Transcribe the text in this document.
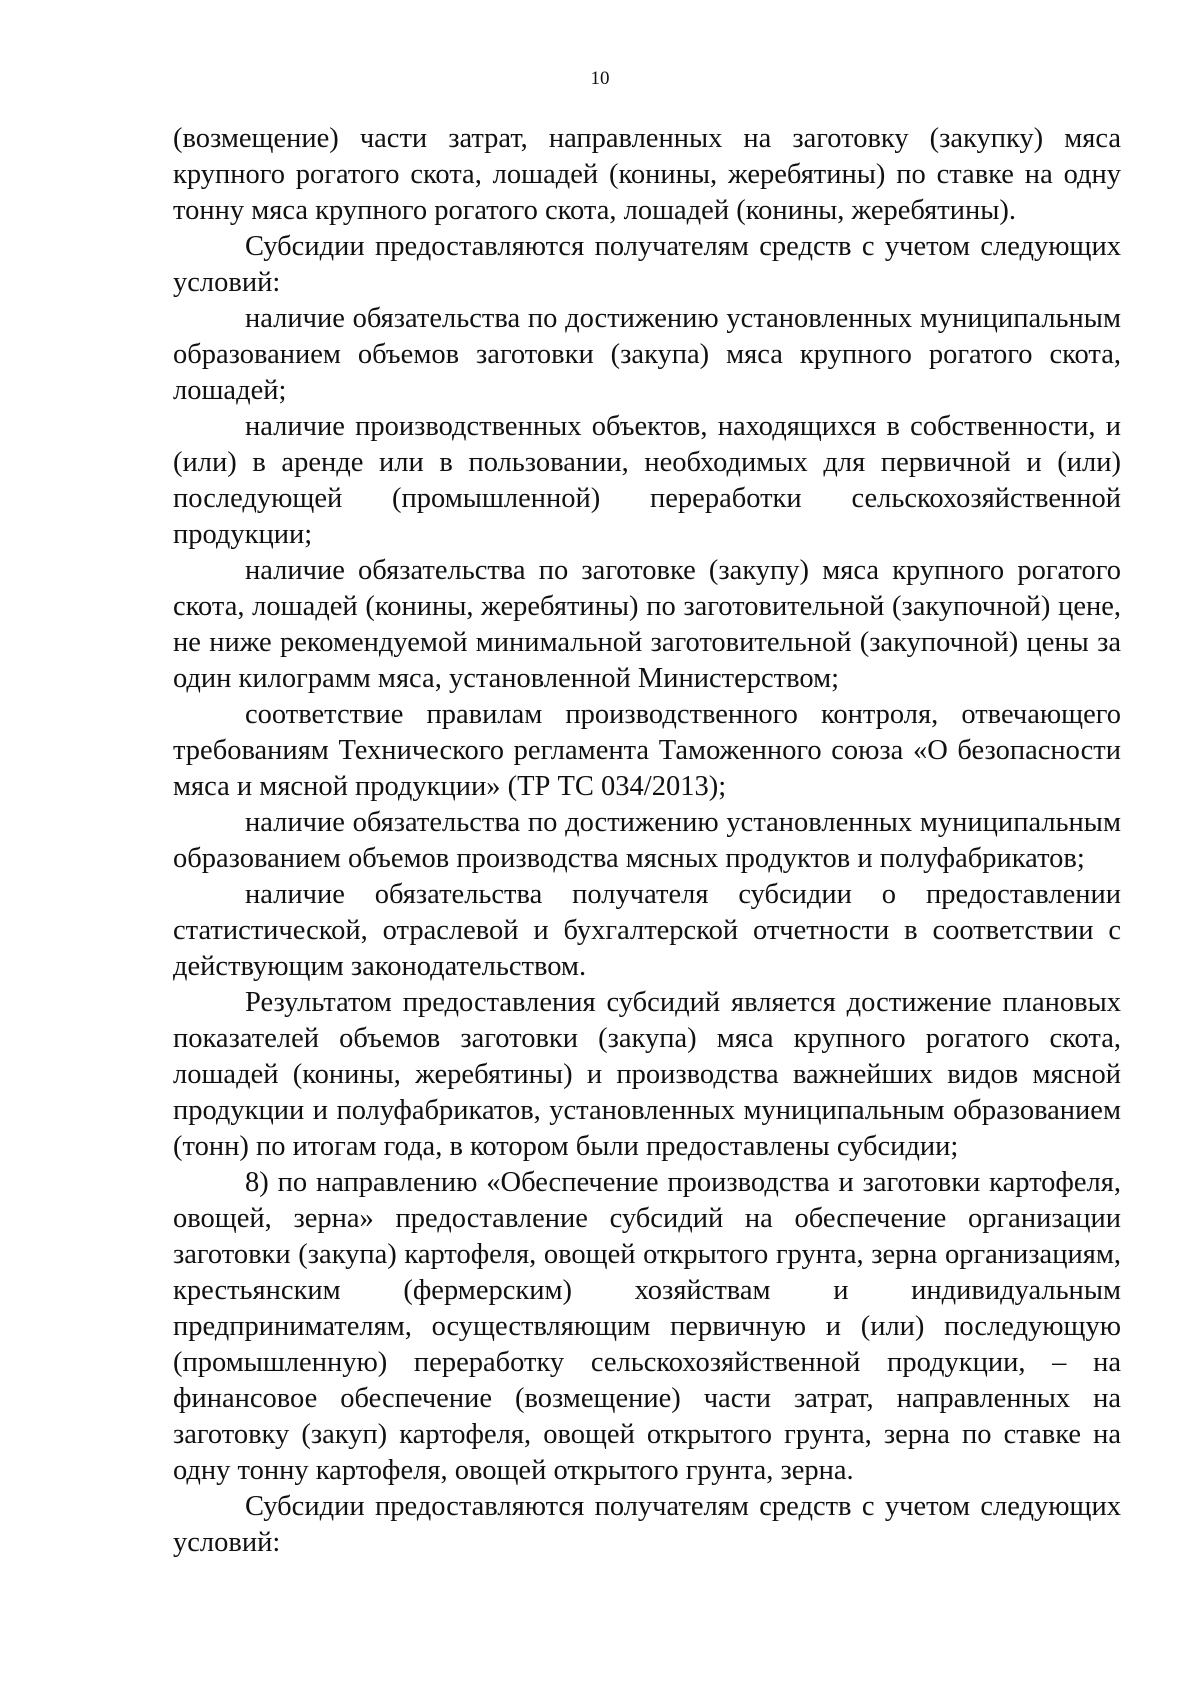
10

(возмещение) части затрат, направленных на заготовку (закупку) мяса крупного рогатого скота, лошадей (конины, жеребятины) по ставке на одну тонну мяса крупного рогатого скота, лошадей (конины, жеребятины).

Субсидии предоставляются получателям средств с учетом следующих условий:

наличие обязательства по достижению установленных муниципальным образованием объемов заготовки (закупа) мяса крупного рогатого скота, лошадей;

наличие производственных объектов, находящихся в собственности, и (или) в аренде или в пользовании, необходимых для первичной и (или) последующей (промышленной) переработки сельскохозяйственной продукции;

наличие обязательства по заготовке (закупу) мяса крупного рогатого скота, лошадей (конины, жеребятины) по заготовительной (закупочной) цене, не ниже рекомендуемой минимальной заготовительной (закупочной) цены за один килограмм мяса, установленной Министерством;

соответствие правилам производственного контроля, отвечающего требованиям Технического регламента Таможенного союза «О безопасности мяса и мясной продукции» (ТР ТС 034/2013);

наличие обязательства по достижению установленных муниципальным образованием объемов производства мясных продуктов и полуфабрикатов;

наличие обязательства получателя субсидии о предоставлении статистической, отраслевой и бухгалтерской отчетности в соответствии с действующим законодательством.

Результатом предоставления субсидий является достижение плановых показателей объемов заготовки (закупа) мяса крупного рогатого скота, лошадей (конины, жеребятины) и производства важнейших видов мясной продукции и полуфабрикатов, установленных муниципальным образованием (тонн) по итогам года, в котором были предоставлены субсидии;

8) по направлению «Обеспечение производства и заготовки картофеля, овощей, зерна» предоставление субсидий на обеспечение организации заготовки (закупа) картофеля, овощей открытого грунта, зерна организациям, крестьянским (фермерским) хозяйствам и индивидуальным предпринимателям, осуществляющим первичную и (или) последующую (промышленную) переработку сельскохозяйственной продукции, – на финансовое обеспечение (возмещение) части затрат, направленных на заготовку (закуп) картофеля, овощей открытого грунта, зерна по ставке на одну тонну картофеля, овощей открытого грунта, зерна.

Субсидии предоставляются получателям средств с учетом следующих условий:
